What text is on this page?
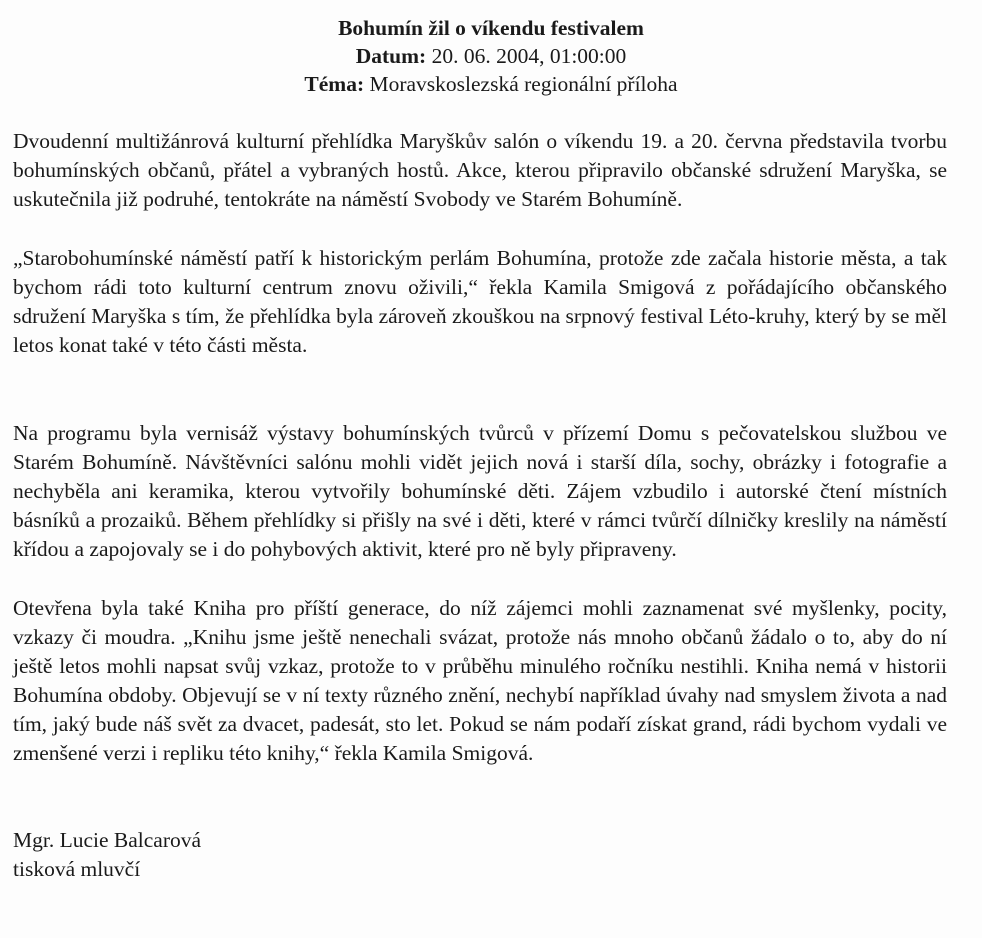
Bohumín žil o víkendu festivalem
Datum: 20. 06. 2004, 01:00:00
Téma: Moravskoslezská regionální příloha

Dvoudenní multižánrová kulturní přehlídka Maryškův salón o víkendu 19. a 20. června představila tvorbu bohumínských občanů, přátel a vybraných hostů. Akce, kterou připravilo občanské sdružení Maryška, se uskutečnila již podruhé, tentokráte na náměstí Svobody ve Starém Bohumíně.

„Starobohumínské náměstí patří k historickým perlám Bohumína, protože zde začala historie města, a tak bychom rádi toto kulturní centrum znovu oživili,“ řekla Kamila Smigová z pořádajícího občanského sdružení Maryška s tím, že přehlídka byla zároveň zkouškou na srpnový festival Léto-kruhy, který by se měl letos konat také v této části města.

Na programu byla vernisáž výstavy bohumínských tvůrců v přízemí Domu s pečovatelskou službou ve Starém Bohumíně. Návštěvníci salónu mohli vidět jejich nová i starší díla, sochy, obrázky i fotografie a nechyběla ani keramika, kterou vytvořily bohumínské děti. Zájem vzbudilo i autorské čtení místních básníků a prozaiků. Během přehlídky si přišly na své i děti, které v rámci tvůrčí dílničky kreslily na náměstí křídou a zapojovaly se i do pohybových aktivit, které pro ně byly připraveny.

Otevřena byla také Kniha pro příští generace, do níž zájemci mohli zaznamenat své myšlenky, pocity, vzkazy či moudra. „Knihu jsme ještě nenechali svázat, protože nás mnoho občanů žádalo o to, aby do ní ještě letos mohli napsat svůj vzkaz, protože to v průběhu minulého ročníku nestihli. Kniha nemá v historii Bohumína obdoby. Objevují se v ní texty různého znění, nechybí například úvahy nad smyslem života a nad tím, jaký bude náš svět za dvacet, padesát, sto let. Pokud se nám podaří získat grand, rádi bychom vydali ve zmenšené verzi i repliku této knihy,“ řekla Kamila Smigová.

Mgr. Lucie Balcarová
tisková mluvčí
